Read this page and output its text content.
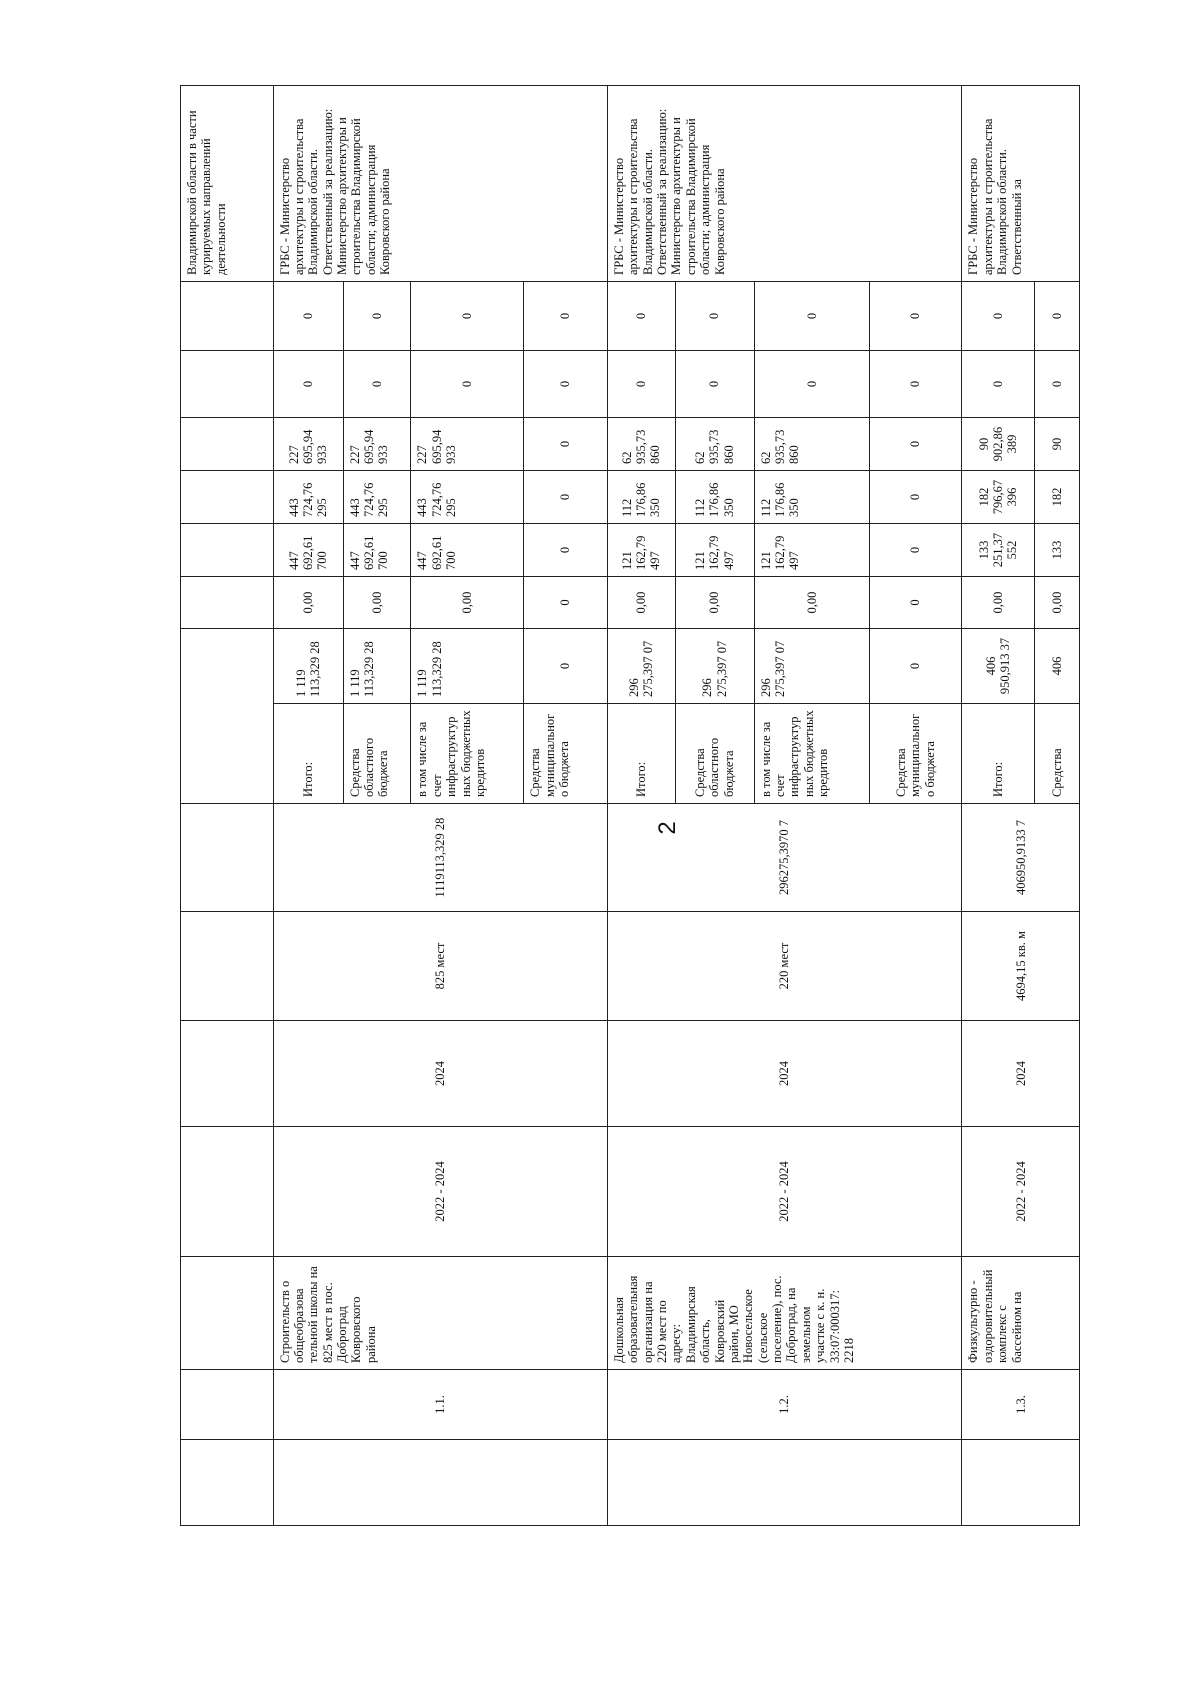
2
															Владимирской области в части курируемых направлений деятельности
	1.1.	Строительств о общеобразова тельной школы на 825 мест в пос. Доброград Ковровского района	2022 - 2024	2024	825 мест	1119113,329 28	Итого:	1 119 113,329 28	0,00	447 692,61 700	443 724,76 295	227 695,94 933	0	0	ГРБС - Министерство архитектуры и строительства Владимирской области. Ответственный за реализацию: Министерство архитектуры и строительства Владимирской области; администрация Ковровского района
							Средства областного бюджета	1 119 113,329 28	0,00	447 692,61 700	443 724,76 295	227 695,94 933	0	0	
							в том числе за счет инфраструктурных бюджетных кредитов	1 119 113,329 28	0,00	447 692,61 700	443 724,76 295	227 695,94 933	0	0	
							Средства муниципального бюджета	0	0	0	0	0	0	0	
	1.2.	Дошкольная образовательная организация на 220 мест по адресу: Владимирская область, Ковровский район, МО Новосельское (сельское поселение), пос. Доброград, на земельном участке с к. н. 33:07:000317: 2218	2022 - 2024	2024	220 мест	296275,3970 7	Итого:	296 275,397 07	0,00	121 162,79 497	112 176,86 350	62 935,73 860	0	0	ГРБС - Министерство архитектуры и строительства Владимирской области. Ответственный за реализацию: Министерство архитектуры и строительства Владимирской области; администрация Ковровского района
							Средства областного бюджета	296 275,397 07	0,00	121 162,79 497	112 176,86 350	62 935,73 860	0	0	
							в том числе за счет инфраструктурных бюджетных кредитов	296 275,397 07	0,00	121 162,79 497	112 176,86 350	62 935,73 860	0	0	
							Средства муниципального бюджета	0	0	0	0	0	0	0	
	1.3.	Физкультурно - оздоровительный комплекс с бассейном на	2022 - 2024	2024	4694,15 кв. м	406950,9133 7	Итого:	406 950,913 37	0,00	133 251,37 552	182 796,67 396	90 902,86 389	0	0	ГРБС - Министерство архитектуры и строительства Владимирской области. Ответственный за
							Средства	406	0,00	133	182	90	0	0	
